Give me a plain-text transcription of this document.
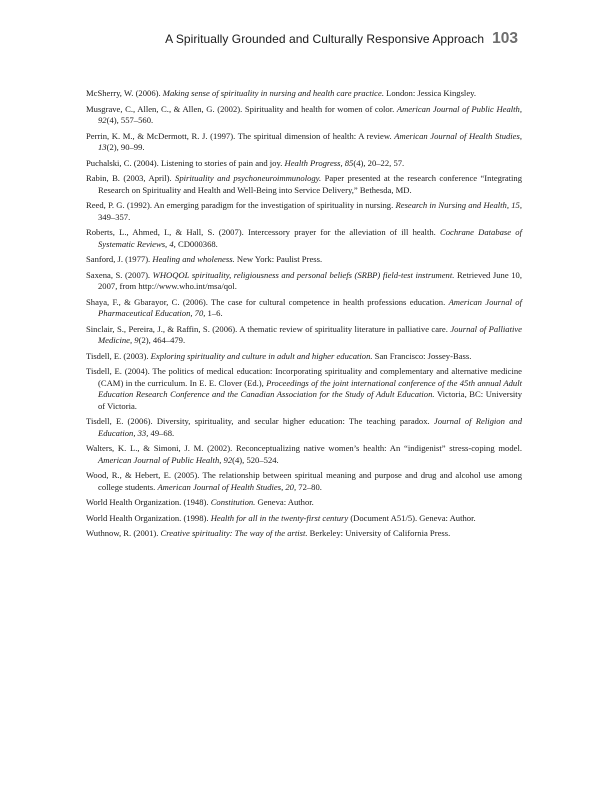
A Spiritually Grounded and Culturally Responsive Approach 103

McSherry, W. (2006). Making sense of spirituality in nursing and health care practice. London: Jessica Kingsley.

Musgrave, C., Allen, C., & Allen, G. (2002). Spirituality and health for women of color. American Journal of Public Health, 92(4), 557–560.

Perrin, K. M., & McDermott, R. J. (1997). The spiritual dimension of health: A review. American Journal of Health Studies, 13(2), 90–99.

Puchalski, C. (2004). Listening to stories of pain and joy. Health Progress, 85(4), 20–22, 57.

Rabin, B. (2003, April). Spirituality and psychoneuroimmunology. Paper presented at the research conference “Integrating Research on Spirituality and Health and Well-Being into Service Delivery,” Bethesda, MD.

Reed, P. G. (1992). An emerging paradigm for the investigation of spirituality in nursing. Research in Nursing and Health, 15, 349–357.

Roberts, L., Ahmed, I., & Hall, S. (2007). Intercessory prayer for the alleviation of ill health. Cochrane Database of Systematic Reviews, 4, CD000368.

Sanford, J. (1977). Healing and wholeness. New York: Paulist Press.

Saxena, S. (2007). WHOQOL spirituality, religiousness and personal beliefs (SRBP) field-test instrument. Retrieved June 10, 2007, from http://www.who.int/msa/qol.

Shaya, F., & Gbarayor, C. (2006). The case for cultural competence in health professions education. American Journal of Pharmaceutical Education, 70, 1–6.

Sinclair, S., Pereira, J., & Raffin, S. (2006). A thematic review of spirituality literature in palliative care. Journal of Palliative Medicine, 9(2), 464–479.

Tisdell, E. (2003). Exploring spirituality and culture in adult and higher education. San Francisco: Jossey-Bass.

Tisdell, E. (2004). The politics of medical education: Incorporating spirituality and complementary and alternative medicine (CAM) in the curriculum. In E. E. Clover (Ed.), Proceedings of the joint international conference of the 45th annual Adult Education Research Conference and the Canadian Association for the Study of Adult Education. Victoria, BC: University of Victoria.

Tisdell, E. (2006). Diversity, spirituality, and secular higher education: The teaching paradox. Journal of Religion and Education, 33, 49–68.

Walters, K. L., & Simoni, J. M. (2002). Reconceptualizing native women’s health: An “indigenist” stress-coping model. American Journal of Public Health, 92(4), 520–524.

Wood, R., & Hebert, E. (2005). The relationship between spiritual meaning and purpose and drug and alcohol use among college students. American Journal of Health Studies, 20, 72–80.

World Health Organization. (1948). Constitution. Geneva: Author.

World Health Organization. (1998). Health for all in the twenty-first century (Document A51/5). Geneva: Author.

Wuthnow, R. (2001). Creative spirituality: The way of the artist. Berkeley: University of California Press.
